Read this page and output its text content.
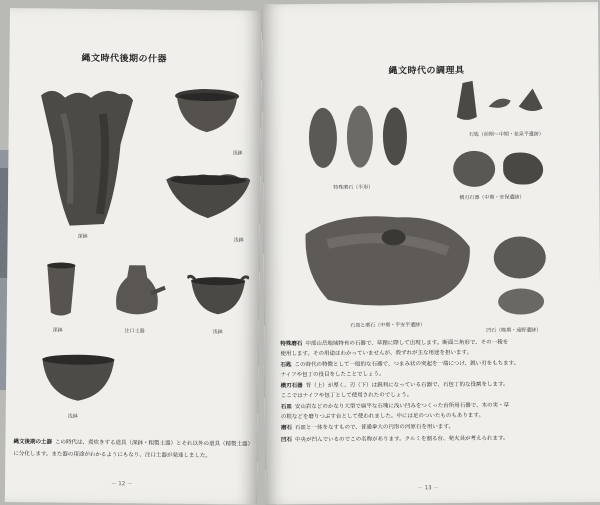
縄文時代後期の什器
深鉢
浅鉢
浅鉢
深鉢	注口土器	浅鉢
浅鉢
縄文後期の土器 この時代は、煮炊きする道具（深鉢・粗製土器）とそれ以外の道具（精製土器）
に分化します。また器の用途がわかるようにもなり、注口土器が発達しました。
－ 12 －
縄文時代の調理具
特殊磨石（半形）
石匙（前期～中期・花泉平遺跡）
横刃石器（中期・安保遺跡）
石皿と磨石（中期・平安平遺跡）
凹石（晩期・遠野遺跡）
特殊磨石 中部山岳地域特有の石器で、草創に際して出現します。断面三角形で、その一稜を
使用します。その用途はわかっていませんが、殻ずれが主な用途を担います。
石匙 この時代の特徴として一般的な石器で、つまみ状の突起を一端につけ、鋭い刃をもちます。
ナイフや包丁の役目をしたことでしょう。
横刃石器 背（上）が厚く、刃（下）は鋭利になっている石器で、石包丁的な役割をします。
ここではナイフや包丁として使用されたのでしょう。
石皿 安山岩などのかなり大型で扁平な石塊に浅い凹みをつくった台所用石器で、木の実・草
の根などを磨りつぶす台として使われました。中には足のついたものもあります。
磨石 石皿と一体をなすもので、普通拳大の円形の河原石を用います。
凹石 中央が凹んでいるのでこの名称があります。クルミを割る台、発火具が考えられます。
－ 13 －
